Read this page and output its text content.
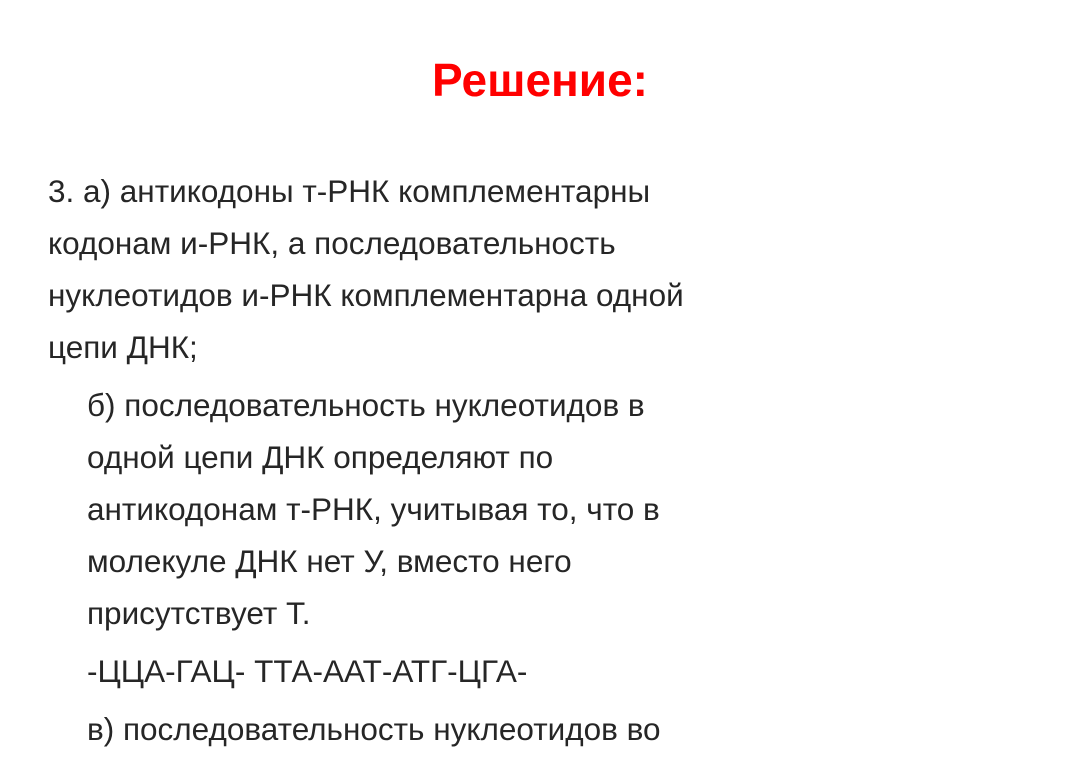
Решение:
3. а) антикодоны т-РНК комплементарны
кодонам и-РНК, а последовательность
нуклеотидов и-РНК комплементарна одной
цепи ДНК;
б) последовательность нуклеотидов в
одной цепи ДНК определяют по
антикодонам т-РНК, учитывая то, что в
молекуле ДНК нет У, вместо него
присутствует Т.
-ЦЦА-ГАЦ- ТТА-ААТ-АТГ-ЦГА-
в) последовательность нуклеотидов во
